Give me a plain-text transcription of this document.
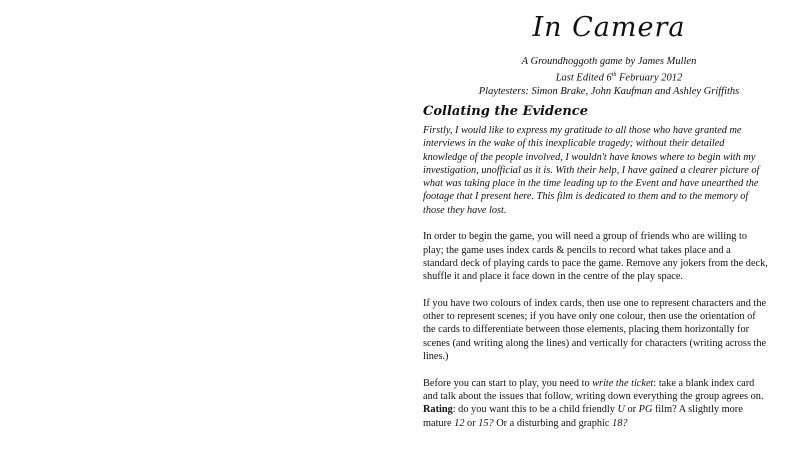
In Camera
A Groundhoggoth game by James Mullen
Last Edited 6th February 2012
Playtesters: Simon Brake, John Kaufman and Ashley Griffiths
Collating the Evidence

Firstly, I would like to express my gratitude to all those who have granted me interviews in the wake of this inexplicable tragedy; without their detailed knowledge of the people involved, I wouldn't have knows where to begin with my investigation, unofficial as it is. With their help, I have gained a clearer picture of what was taking place in the time leading up to the Event and have unearthed the footage that I present here. This film is dedicated to them and to the memory of those they have lost.

In order to begin the game, you will need a group of friends who are willing to play; the game uses index cards & pencils to record what takes place and a standard deck of playing cards to pace the game. Remove any jokers from the deck, shuffle it and place it face down in the centre of the play space.

If you have two colours of index cards, then use one to represent characters and the other to represent scenes; if you have only one colour, then use the orientation of the cards to differentiate between those elements, placing them horizontally for scenes (and writing along the lines) and vertically for characters (writing across the lines.)

Before you can start to play, you need to write the ticket: take a blank index card and talk about the issues that follow, writing down everything the group agrees on.

Rating: do you want this to be a child friendly U or PG film? A slightly more mature 12 or 15? Or a disturbing and graphic 18?
